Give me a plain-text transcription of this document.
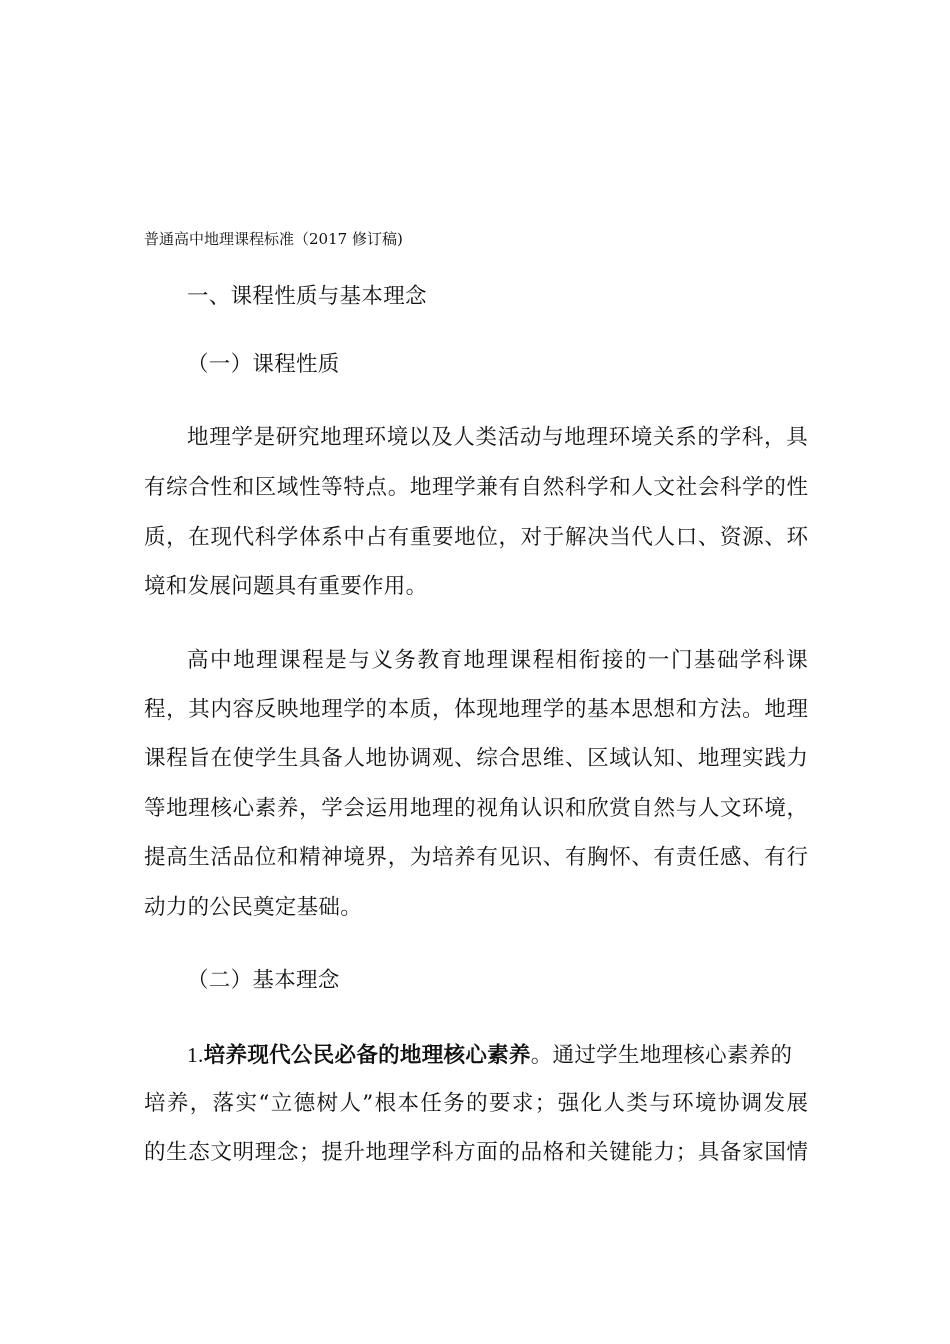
普通高中地理课程标准（2017 修订稿)
一、课程性质与基本理念
（一）课程性质
地理学是研究地理环境以及人类活动与地理环境关系的学科，具
有综合性和区域性等特点。地理学兼有自然科学和人文社会科学的性
质，在现代科学体系中占有重要地位，对于解决当代人口、资源、环
境和发展问题具有重要作用。
高中地理课程是与义务教育地理课程相衔接的一门基础学科课
程，其内容反映地理学的本质，体现地理学的基本思想和方法。地理
课程旨在使学生具备人地协调观、综合思维、区域认知、地理实践力
等地理核心素养，学会运用地理的视角认识和欣赏自然与人文环境，
提高生活品位和精神境界，为培养有见识、有胸怀、有责任感、有行
动力的公民奠定基础。
（二）基本理念
1.培养现代公民必备的地理核心素养。通过学生地理核心素养的
培养，落实“立德树人”根本任务的要求；强化人类与环境协调发展
的生态文明理念；提升地理学科方面的品格和关键能力；具备家国情
